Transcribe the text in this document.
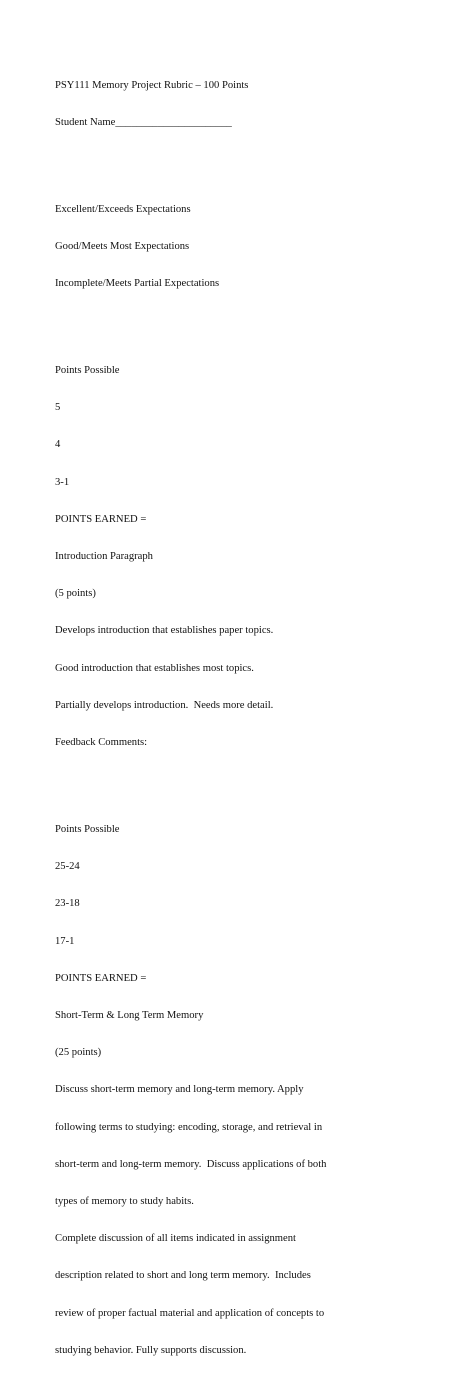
PSY111 Memory Project Rubric – 100 Points

Student Name______________________

Excellent/Exceeds Expectations

Good/Meets Most Expectations

Incomplete/Meets Partial Expectations

Points Possible

5

4

3-1

POINTS EARNED =

Introduction Paragraph

(5 points)

Develops introduction that establishes paper topics.

Good introduction that establishes most topics.

Partially develops introduction.  Needs more detail.

Feedback Comments:

Points Possible

25-24

23-18

17-1

POINTS EARNED =

Short-Term & Long Term Memory

(25 points)

Discuss short-term memory and long-term memory. Apply

following terms to studying: encoding, storage, and retrieval in

short-term and long-term memory.  Discuss applications of both

types of memory to study habits.

Complete discussion of all items indicated in assignment

description related to short and long term memory.  Includes

review of proper factual material and application of concepts to

studying behavior. Fully supports discussion.
